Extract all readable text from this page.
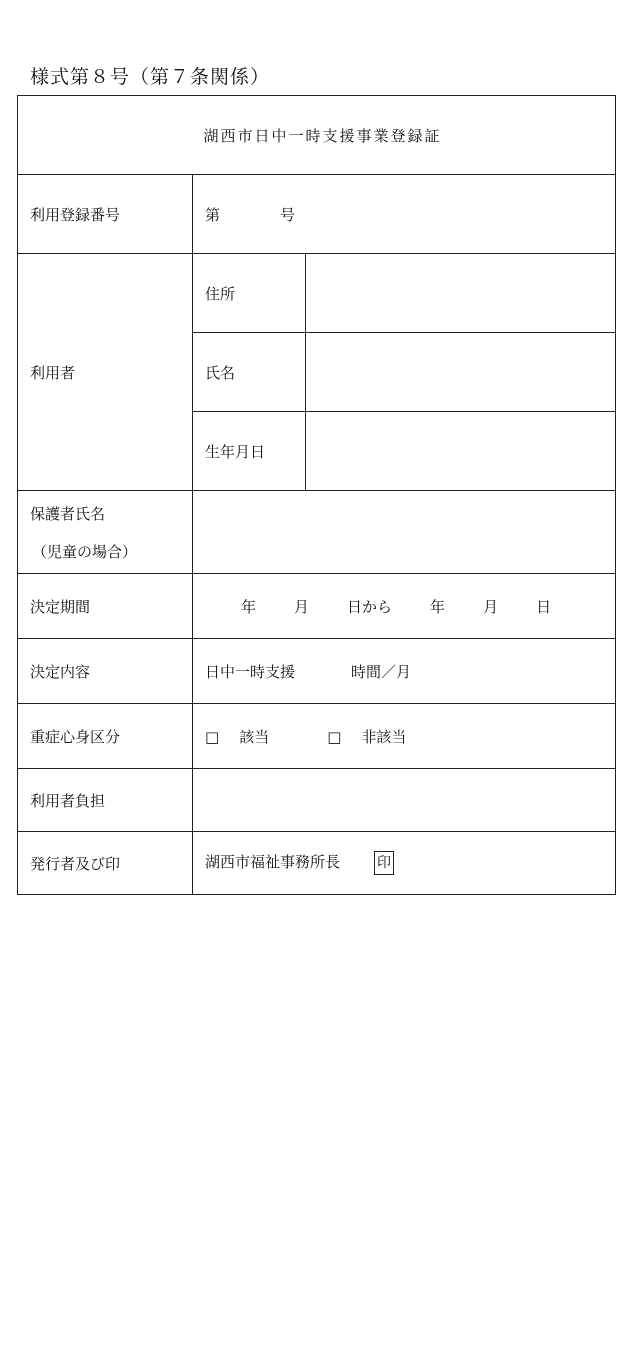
様式第８号（第７条関係）
湖西市日中一時支援事業登録証		
利用登録番号	第 号	
利用者	住所	
	氏名	
	生年月日	

保護者氏名
（児童の場合）		

決定期間	年 月 日から 年 月 日	
決定内容	日中一時支援 時間／月	
重症心身区分	□ 該当 □ 非該当	
利用者負担		
発行者及び印	湖西市福祉事務所長 印	
